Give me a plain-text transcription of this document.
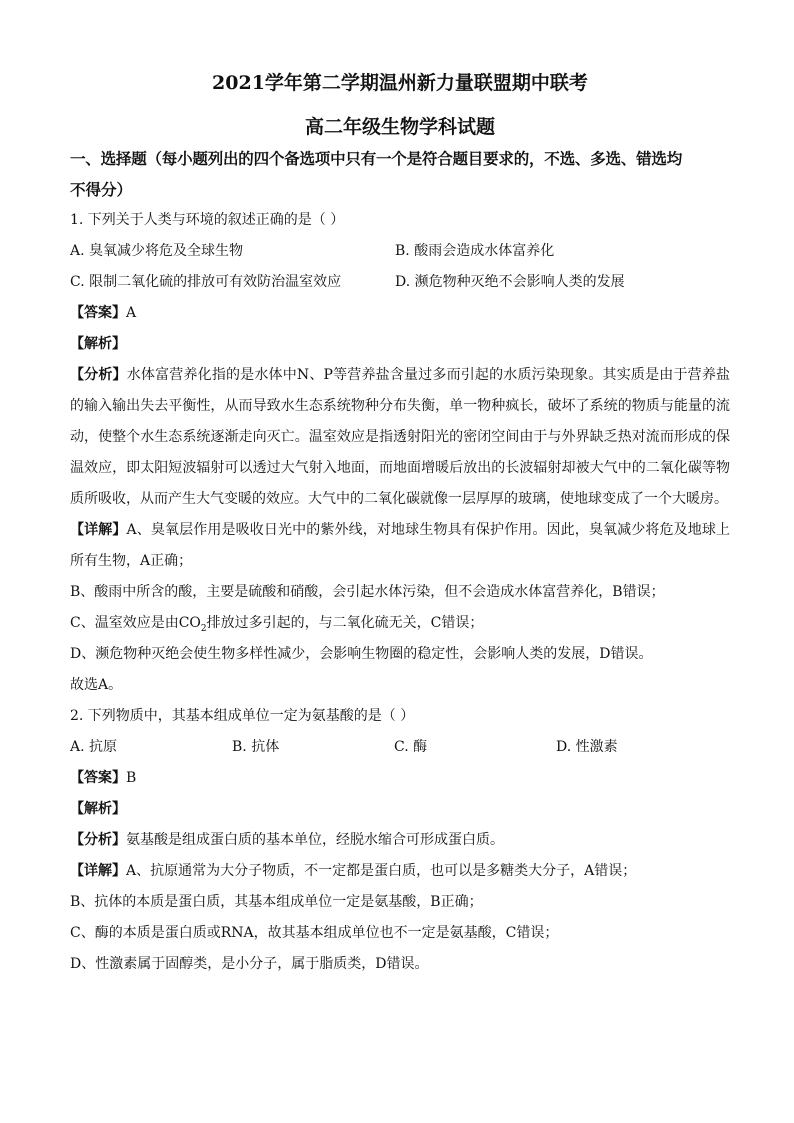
2021学年第二学期温州新力量联盟期中联考
高二年级生物学科试题
一、选择题（每小题列出的四个备选项中只有一个是符合题目要求的，不选、多选、错选均
不得分）
1. 下列关于人类与环境的叙述正确的是（ ）
A. 臭氧减少将危及全球生物	B. 酸雨会造成水体富养化
C. 限制二氧化硫的排放可有效防治温室效应	D. 濒危物种灭绝不会影响人类的发展
【答案】A
【解析】
【分析】水体富营养化指的是水体中N、P等营养盐含量过多而引起的水质污染现象。其实质是由于营养盐的输入输出失去平衡性，从而导致水生态系统物种分布失衡，单一物种疯长，破坏了系统的物质与能量的流动，使整个水生态系统逐渐走向灭亡。温室效应是指透射阳光的密闭空间由于与外界缺乏热对流而形成的保温效应，即太阳短波辐射可以透过大气射入地面，而地面增暖后放出的长波辐射却被大气中的二氧化碳等物质所吸收，从而产生大气变暖的效应。大气中的二氧化碳就像一层厚厚的玻璃，使地球变成了一个大暖房。
【详解】A、臭氧层作用是吸收日光中的紫外线，对地球生物具有保护作用。因此，臭氧减少将危及地球上所有生物，A正确；
B、酸雨中所含的酸，主要是硫酸和硝酸，会引起水体污染，但不会造成水体富营养化，B错误；
C、温室效应是由$CO_2$排放过多引起的，与二氧化硫无关，C错误；
D、濒危物种灭绝会使生物多样性减少，会影响生物圈的稳定性，会影响人类的发展，D错误。
故选A。
2. 下列物质中，其基本组成单位一定为氨基酸的是（ ）
A. 抗原	B. 抗体	C. 酶	D. 性激素
【答案】B
【解析】
【分析】氨基酸是组成蛋白质的基本单位，经脱水缩合可形成蛋白质。
【详解】A、抗原通常为大分子物质，不一定都是蛋白质，也可以是多糖类大分子，A错误；
B、抗体的本质是蛋白质，其基本组成单位一定是氨基酸，B正确；
C、酶的本质是蛋白质或RNA，故其基本组成单位也不一定是氨基酸，C错误；
D、性激素属于固醇类，是小分子，属于脂质类，D错误。
